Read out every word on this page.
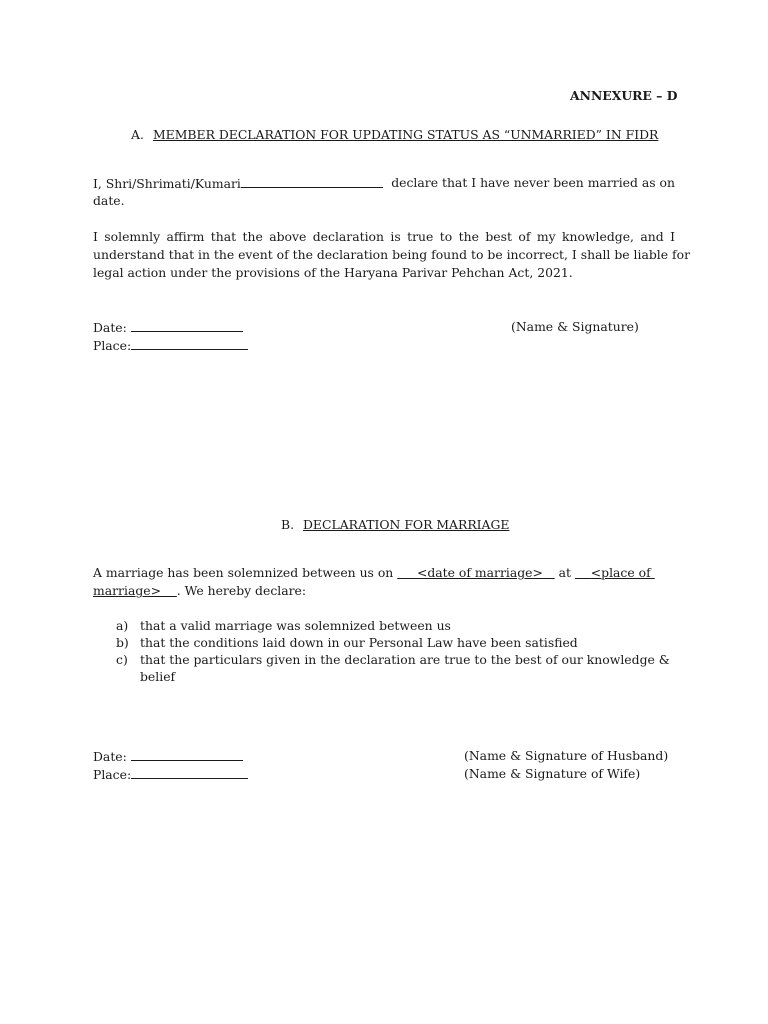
ANNEXURE – D
A. MEMBER DECLARATION FOR UPDATING STATUS AS “UNMARRIED” IN FIDR
I, Shri/Shrimati/Kumari	declare that I have never been married as on
date.
I solemnly affirm that the above declaration is true to the best of my knowledge, and I
understand that in the event of the declaration being found to be incorrect, I shall be liable for
legal action under the provisions of the Haryana Parivar Pehchan Act, 2021.
Date:
Place:
(Name & Signature)
B. DECLARATION FOR MARRIAGE
A marriage has been solemnized between us on <date of marriage> at <place of
marriage> . We hereby declare:
a) that a valid marriage was solemnized between us
b) that the conditions laid down in our Personal Law have been satisfied
c) that the particulars given in the declaration are true to the best of our knowledge &
belief
Date:
Place:
(Name & Signature of Husband)
(Name & Signature of Wife)
